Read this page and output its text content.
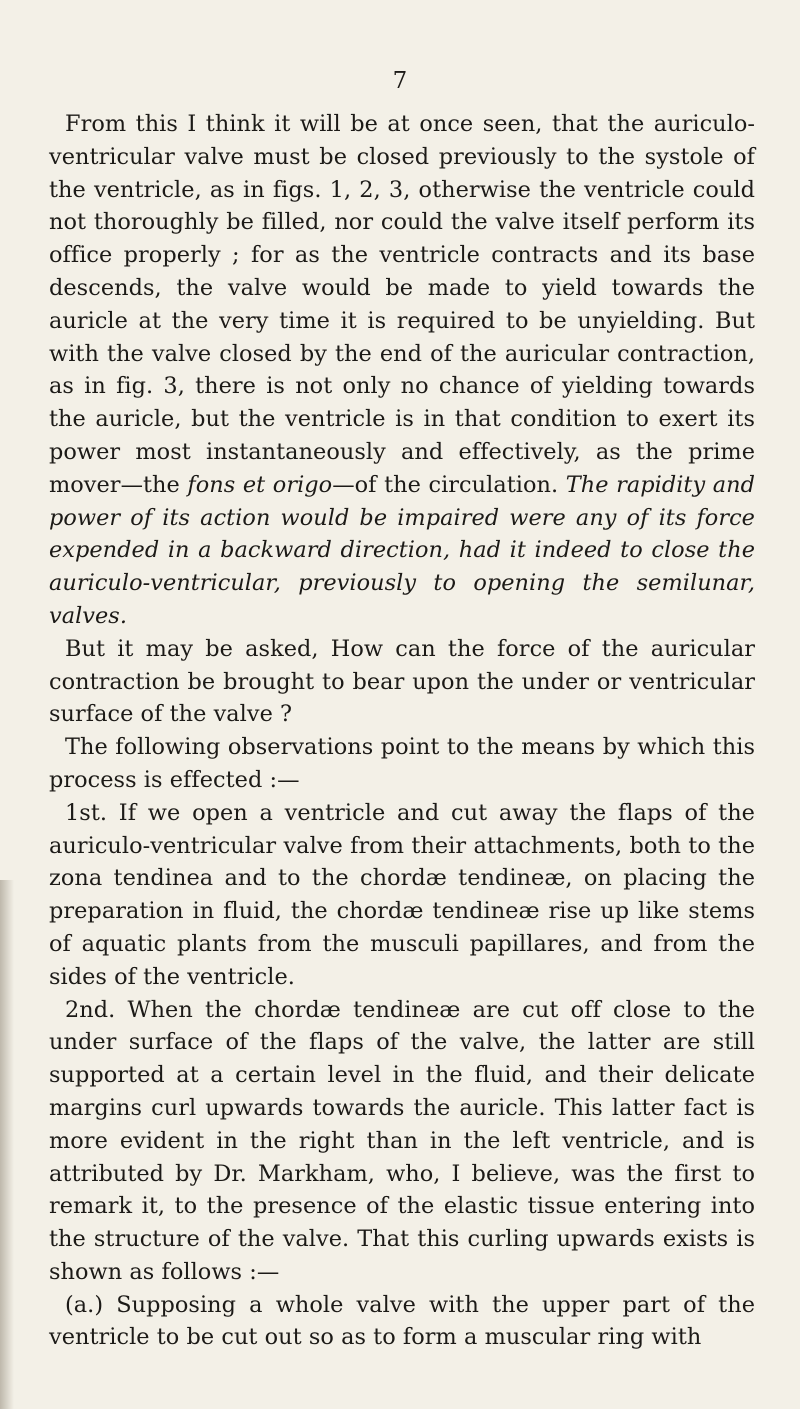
7

From this I think it will be at once seen, that the auriculo-ventricular valve must be closed previously to the systole of the ventricle, as in figs. 1, 2, 3, otherwise the ventricle could not thoroughly be filled, nor could the valve itself perform its office properly ; for as the ventricle contracts and its base descends, the valve would be made to yield towards the auricle at the very time it is required to be unyielding. But with the valve closed by the end of the auricular contraction, as in fig. 3, there is not only no chance of yielding towards the auricle, but the ventricle is in that condition to exert its power most instantaneously and effectively, as the prime mover—the fons et origo—of the circulation. The rapidity and power of its action would be impaired were any of its force expended in a backward direction, had it indeed to close the auriculo-ventricular, previously to opening the semilunar, valves.

But it may be asked, How can the force of the auricular contraction be brought to bear upon the under or ventricular surface of the valve ?

The following observations point to the means by which this process is effected :—

1st. If we open a ventricle and cut away the flaps of the auriculo-ventricular valve from their attachments, both to the zona tendinea and to the chordæ tendineæ, on placing the preparation in fluid, the chordæ tendineæ rise up like stems of aquatic plants from the musculi papillares, and from the sides of the ventricle.

2nd. When the chordæ tendineæ are cut off close to the under surface of the flaps of the valve, the latter are still supported at a certain level in the fluid, and their delicate margins curl upwards towards the auricle. This latter fact is more evident in the right than in the left ventricle, and is attributed by Dr. Markham, who, I believe, was the first to remark it, to the presence of the elastic tissue entering into the structure of the valve. That this curling upwards exists is shown as follows :—

(a.) Supposing a whole valve with the upper part of the ventricle to be cut out so as to form a muscular ring with
